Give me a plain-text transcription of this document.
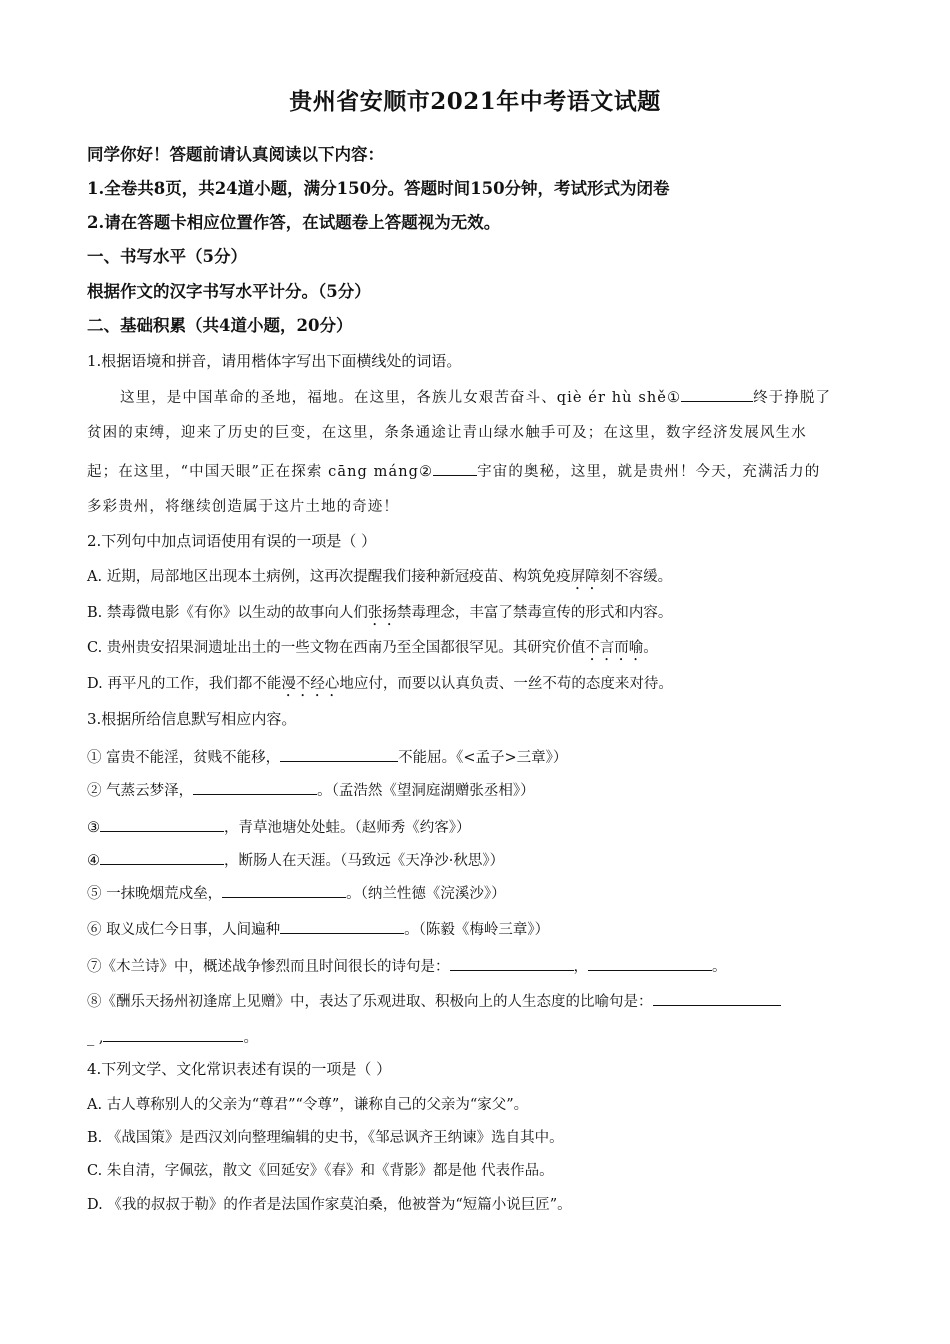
贵州省安顺市2021年中考语文试题
同学你好！答题前请认真阅读以下内容：
1.全卷共8页，共24道小题，满分150分。答题时间150分钟，考试形式为闭卷
2.请在答题卡相应位置作答，在试题卷上答题视为无效。
一、书写水平（5分）
根据作文的汉字书写水平计分。（5分）
二、基础积累（共4道小题，20分）
1.根据语境和拼音，请用楷体字写出下面横线处的词语。
这里，是中国革命的圣地，福地。在这里，各族儿女艰苦奋斗、qiè ér hù shě①	终于挣脱了
贫困的束缚，迎来了历史的巨变，在这里，条条通途让青山绿水触手可及；在这里，数字经济发展风生水
起；在这里，“中国天眼”正在探索 cāng máng②	宇宙的奥秘，这里，就是贵州！今天，充满活力的
多彩贵州，将继续创造属于这片土地的奇迹！
2.下列句中加点词语使用有误的一项是（ ）
A. 近期，局部地区出现本土病例，这再次提醒我们接种新冠疫苗、构筑免疫屏障刻不容缓。
B. 禁毒微电影《有你》以生动的故事向人们张扬禁毒理念，丰富了禁毒宣传的形式和内容。
C. 贵州贵安招果洞遗址出土的一些文物在西南乃至全国都很罕见。其研究价值不言而喻。
D. 再平凡的工作，我们都不能漫不经心地应付，而要以认真负责、一丝不苟的态度来对待。
3.根据所给信息默写相应内容。
① 富贵不能淫，贫贱不能移，	不能屈。《<孟子>三章》）
② 气蒸云梦泽，	。（孟浩然《望洞庭湖赠张丞相》）
③	，青草池塘处处蛙。（赵师秀《约客》）
④	，断肠人在天涯。（马致远《天净沙·秋思》）
⑤ 一抹晚烟荒戍垒，	。（纳兰性德《浣溪沙》）
⑥ 取义成仁今日事，人间遍种	。（陈毅《梅岭三章》）
⑦《木兰诗》中，概述战争惨烈而且时间很长的诗句是：	，	。
⑧《酬乐天扬州初逢席上见赠》中，表达了乐观进取、积极向上的人生态度的比喻句是：
_ ,	。
4.下列文学、文化常识表述有误的一项是（ ）
A. 古人尊称别人的父亲为“尊君”“令尊”，谦称自己的父亲为“家父”。
B. 《战国策》是西汉刘向整理编辑的史书，《邹忌讽齐王纳谏》选自其中。
C. 朱自清，字佩弦，散文《回延安》《春》和《背影》都是他 代表作品。
D. 《我的叔叔于勒》的作者是法国作家莫泊桑，他被誉为“短篇小说巨匠”。
